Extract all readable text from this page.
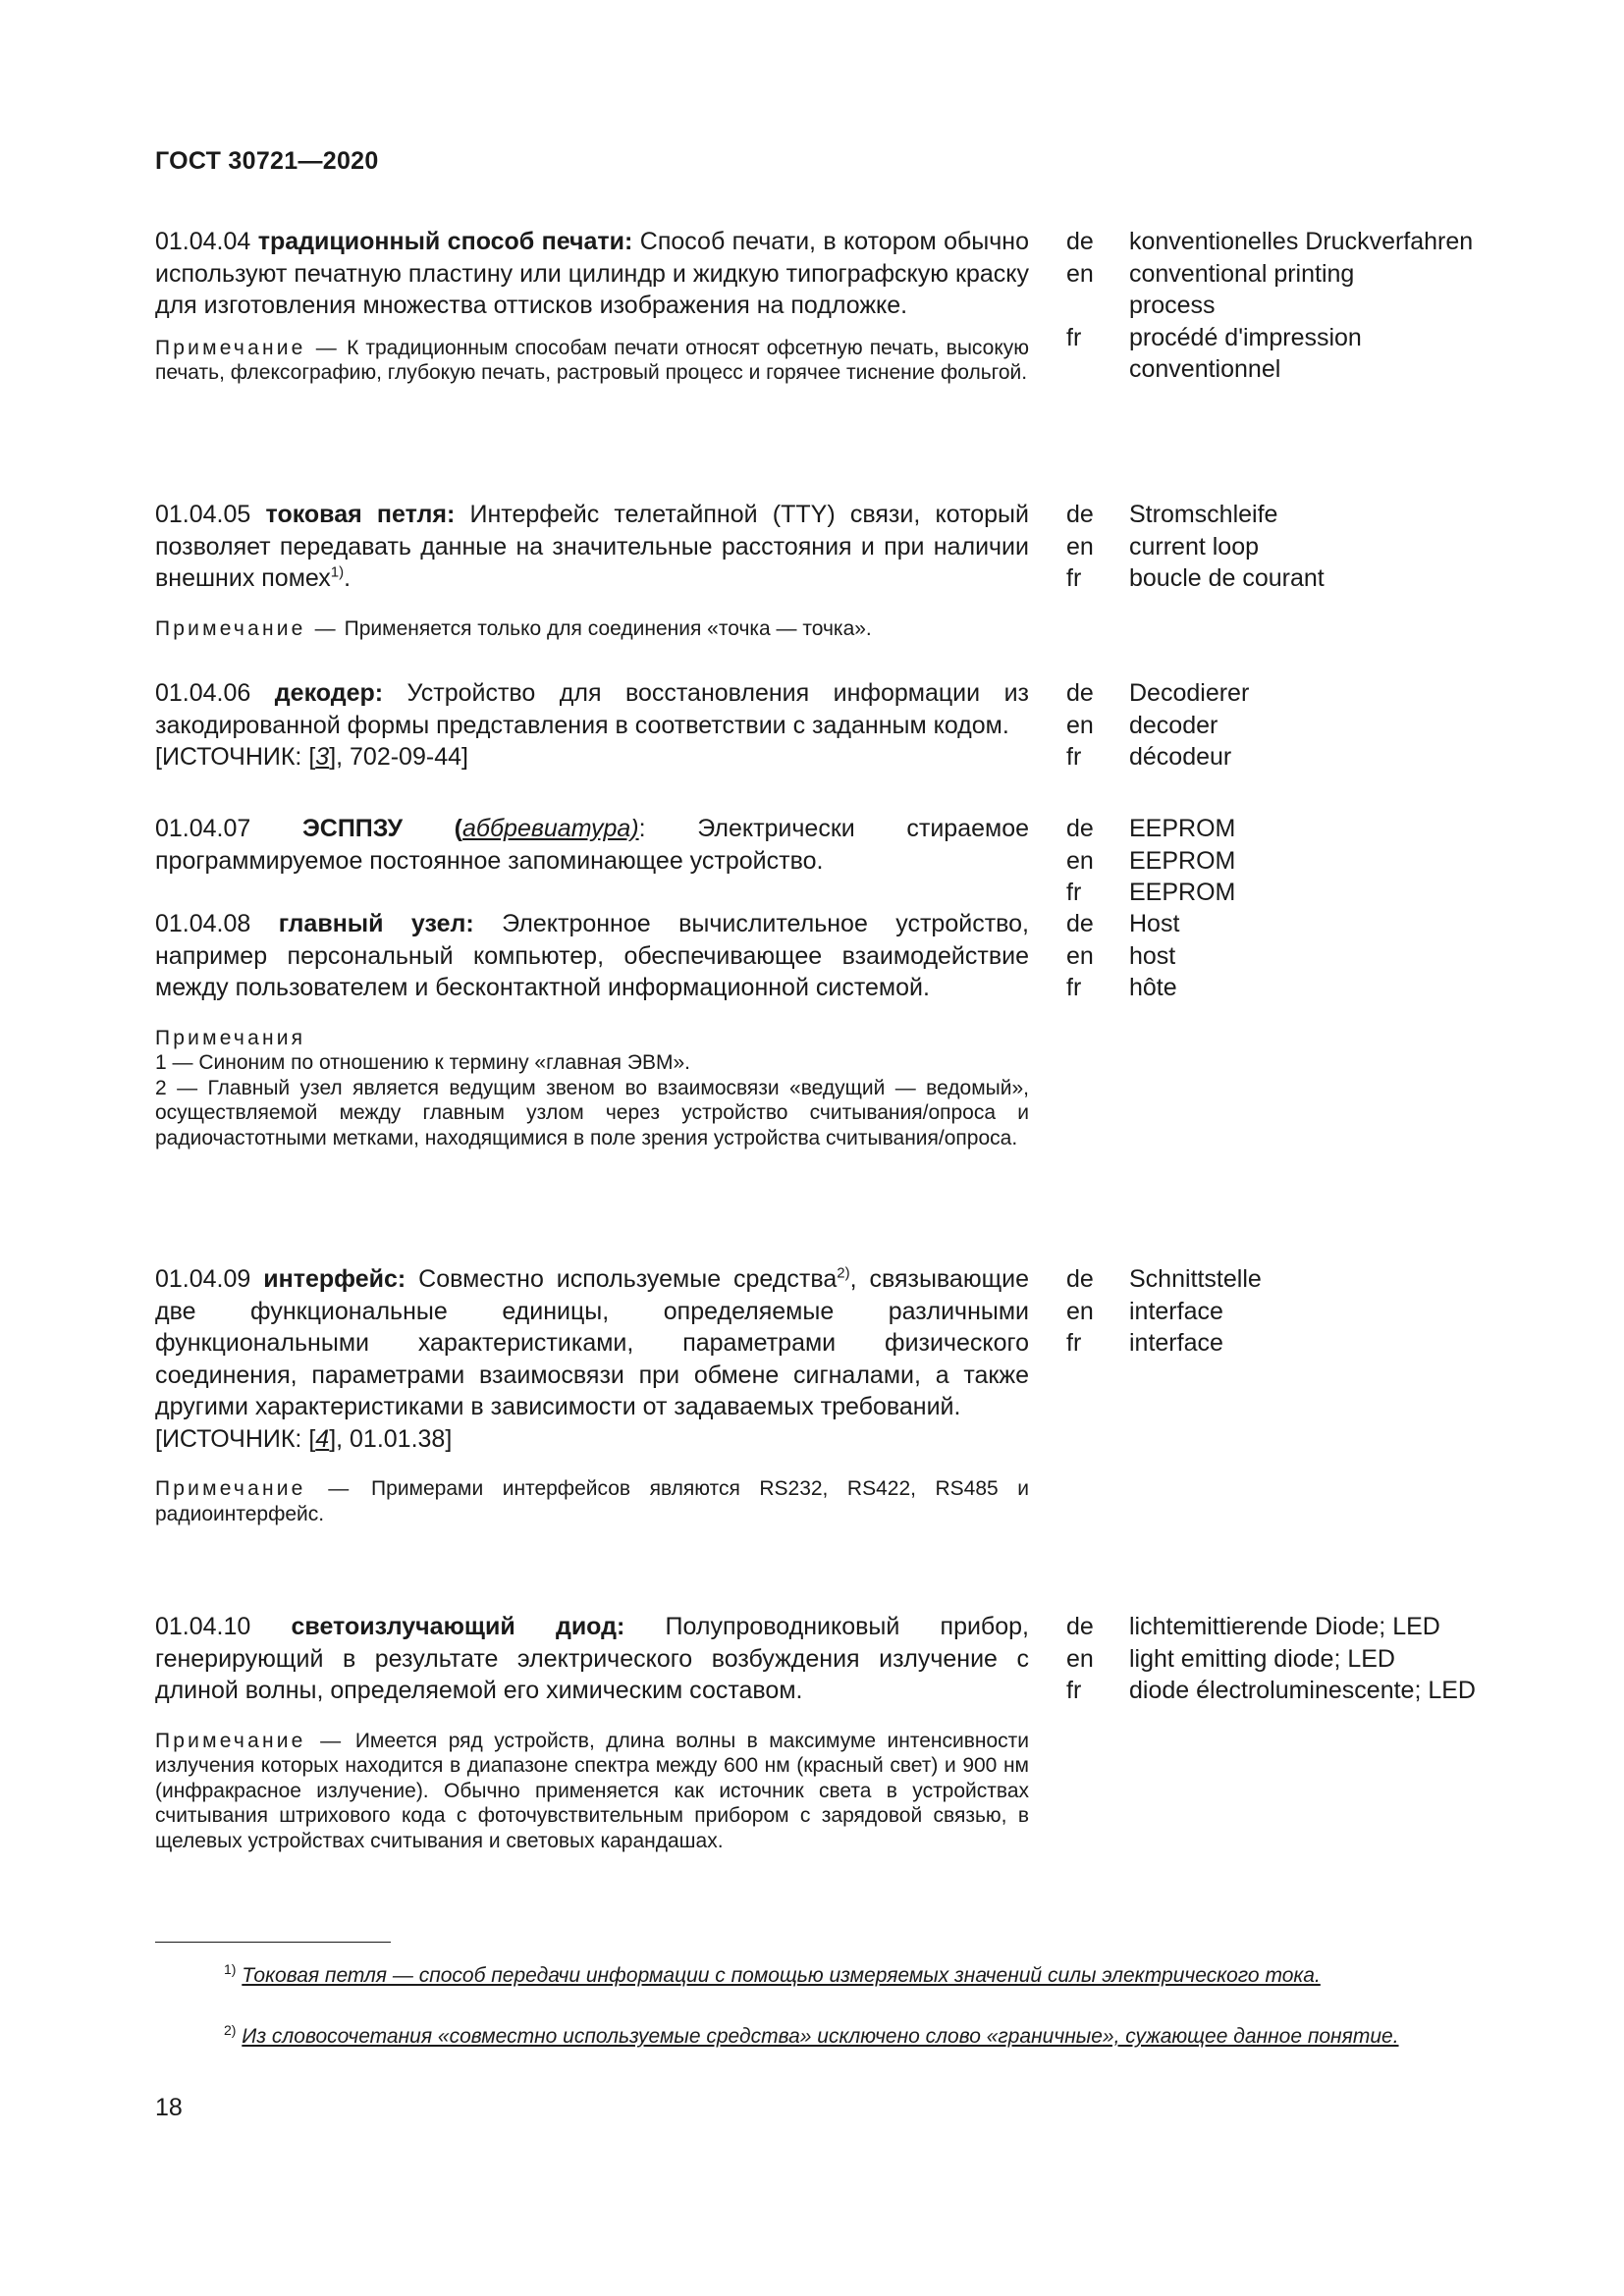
ГОСТ 30721—2020
01.04.04 традиционный способ печати: Способ печати, в котором обычно используют печатную пластину или цилиндр и жидкую типографскую краску для изготовления множества оттисков изображения на подложке.
Примечание — К традиционным способам печати относят офсетную печать, высокую печать, флексографию, глубокую печать, растровый процесс и горячее тиснение фольгой.
de	konventionelles Druckverfahren
en	conventional printing process
fr	procédé d'impression conventionnel
01.04.05 токовая петля: Интерфейс телетайпной (TTY) связи, который позволяет передавать данные на значительные расстояния и при наличии внешних помех$^{1)}$.
Примечание — Применяется только для соединения «точка — точка».
de	Stromschleife
en	current loop
fr	boucle de courant
01.04.06 декодер: Устройство для восстановления информации из закодированной формы представления в соответствии с заданным кодом.
[ИСТОЧНИК: [3], 702-09-44]
de	Decodierer
en	decoder
fr	décodeur
01.04.07 ЭСППЗУ (аббревиатура): Электрически стираемое программируемое постоянное запоминающее устройство.
de	EEPROM
en	EEPROM
fr	EEPROM
01.04.08 главный узел: Электронное вычислительное устройство, например персональный компьютер, обеспечивающее взаимодействие между пользователем и бесконтактной информационной системой.
Примечания
1 — Синоним по отношению к термину «главная ЭВМ».
2 — Главный узел является ведущим звеном во взаимосвязи «ведущий — ведомый», осуществляемой между главным узлом через устройство считывания/опроса и радиочастотными метками, находящимися в поле зрения устройства считывания/опроса.
de	Host
en	host
fr	hôte
01.04.09 интерфейс: Совместно используемые средства$^{2)}$, связывающие две функциональные единицы, определяемые различными функциональными характеристиками, параметрами физического соединения, параметрами взаимосвязи при обмене сигналами, а также другими характеристиками в зависимости от задаваемых требований.
[ИСТОЧНИК: [4], 01.01.38]
Примечание — Примерами интерфейсов являются RS232, RS422, RS485 и радиоинтерфейс.
de	Schnittstelle
en	interface
fr	interface
01.04.10 светоизлучающий диод: Полупроводниковый прибор, генерирующий в результате электрического возбуждения излучение с длиной волны, определяемой его химическим составом.
Примечание — Имеется ряд устройств, длина волны в максимуме интенсивности излучения которых находится в диапазоне спектра между 600 нм (красный свет) и 900 нм (инфракрасное излучение). Обычно применяется как источник света в устройствах считывания штрихового кода с фоточувствительным прибором с зарядовой связью, в щелевых устройствах считывания и световых карандашах.
de	lichtemittierende Diode; LED
en	light emitting diode; LED
fr	diode électroluminescente; LED
$^{1)}$ Токовая петля — способ передачи информации с помощью измеряемых значений силы электрического тока.
$^{2)}$ Из словосочетания «совместно используемые средства» исключено слово «граничные», сужающее данное понятие.
18
